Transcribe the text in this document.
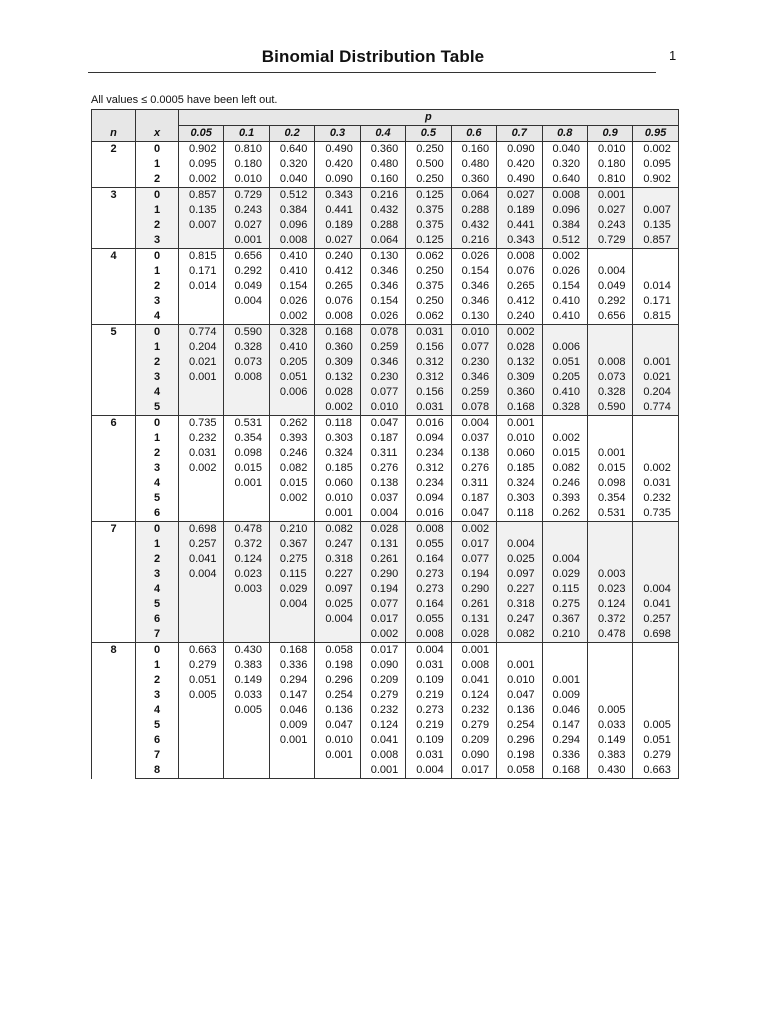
Binomial Distribution Table	1
All values ≤ 0.0005 have been left out.
		p										
n	x	0.05	0.1	0.2	0.3	0.4	0.5	0.6	0.7	0.8	0.9	0.95
2	0	0.902	0.810	0.640	0.490	0.360	0.250	0.160	0.090	0.040	0.010	0.002
	1	0.095	0.180	0.320	0.420	0.480	0.500	0.480	0.420	0.320	0.180	0.095
	2	0.002	0.010	0.040	0.090	0.160	0.250	0.360	0.490	0.640	0.810	0.902
3	0	0.857	0.729	0.512	0.343	0.216	0.125	0.064	0.027	0.008	0.001	
	1	0.135	0.243	0.384	0.441	0.432	0.375	0.288	0.189	0.096	0.027	0.007
	2	0.007	0.027	0.096	0.189	0.288	0.375	0.432	0.441	0.384	0.243	0.135
	3		0.001	0.008	0.027	0.064	0.125	0.216	0.343	0.512	0.729	0.857
4	0	0.815	0.656	0.410	0.240	0.130	0.062	0.026	0.008	0.002		
	1	0.171	0.292	0.410	0.412	0.346	0.250	0.154	0.076	0.026	0.004	
	2	0.014	0.049	0.154	0.265	0.346	0.375	0.346	0.265	0.154	0.049	0.014
	3		0.004	0.026	0.076	0.154	0.250	0.346	0.412	0.410	0.292	0.171
	4			0.002	0.008	0.026	0.062	0.130	0.240	0.410	0.656	0.815
5	0	0.774	0.590	0.328	0.168	0.078	0.031	0.010	0.002			
	1	0.204	0.328	0.410	0.360	0.259	0.156	0.077	0.028	0.006		
	2	0.021	0.073	0.205	0.309	0.346	0.312	0.230	0.132	0.051	0.008	0.001
	3	0.001	0.008	0.051	0.132	0.230	0.312	0.346	0.309	0.205	0.073	0.021
	4			0.006	0.028	0.077	0.156	0.259	0.360	0.410	0.328	0.204
	5				0.002	0.010	0.031	0.078	0.168	0.328	0.590	0.774
6	0	0.735	0.531	0.262	0.118	0.047	0.016	0.004	0.001			
	1	0.232	0.354	0.393	0.303	0.187	0.094	0.037	0.010	0.002		
	2	0.031	0.098	0.246	0.324	0.311	0.234	0.138	0.060	0.015	0.001	
	3	0.002	0.015	0.082	0.185	0.276	0.312	0.276	0.185	0.082	0.015	0.002
	4		0.001	0.015	0.060	0.138	0.234	0.311	0.324	0.246	0.098	0.031
	5			0.002	0.010	0.037	0.094	0.187	0.303	0.393	0.354	0.232
	6				0.001	0.004	0.016	0.047	0.118	0.262	0.531	0.735
7	0	0.698	0.478	0.210	0.082	0.028	0.008	0.002				
	1	0.257	0.372	0.367	0.247	0.131	0.055	0.017	0.004			
	2	0.041	0.124	0.275	0.318	0.261	0.164	0.077	0.025	0.004		
	3	0.004	0.023	0.115	0.227	0.290	0.273	0.194	0.097	0.029	0.003	
	4		0.003	0.029	0.097	0.194	0.273	0.290	0.227	0.115	0.023	0.004
	5			0.004	0.025	0.077	0.164	0.261	0.318	0.275	0.124	0.041
	6				0.004	0.017	0.055	0.131	0.247	0.367	0.372	0.257
	7					0.002	0.008	0.028	0.082	0.210	0.478	0.698
8	0	0.663	0.430	0.168	0.058	0.017	0.004	0.001				
	1	0.279	0.383	0.336	0.198	0.090	0.031	0.008	0.001			
	2	0.051	0.149	0.294	0.296	0.209	0.109	0.041	0.010	0.001		
	3	0.005	0.033	0.147	0.254	0.279	0.219	0.124	0.047	0.009		
	4		0.005	0.046	0.136	0.232	0.273	0.232	0.136	0.046	0.005	
	5			0.009	0.047	0.124	0.219	0.279	0.254	0.147	0.033	0.005
	6			0.001	0.010	0.041	0.109	0.209	0.296	0.294	0.149	0.051
	7				0.001	0.008	0.031	0.090	0.198	0.336	0.383	0.279
	8					0.001	0.004	0.017	0.058	0.168	0.430	0.663
